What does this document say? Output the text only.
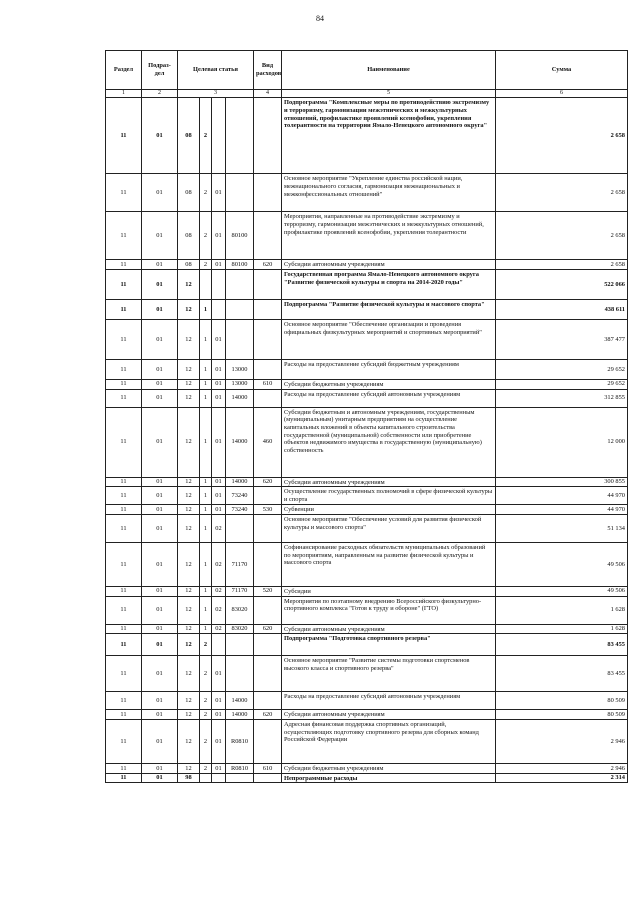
84
Раздел	Подраз-дел	Целевая статья				Вид расходов	Наименование	Сумма
1	2	3				4	5	6
11	01	08	2				Подпрограмма "Комплексные меры по противодействию экстремизму и терроризму, гармонизации межэтнических и межкультурных отношений, профилактике проявлений ксенофобии, укрепления толерантности на территории Ямало-Ненецкого автономного округа"	2 658
11	01	08	2	01			Основное мероприятие "Укрепление единства российской нации, межнационального согласия, гармонизация межнациональных и межконфессиональных отношений"	2 658
11	01	08	2	01	80100		Мероприятия, направленные на противодействие экстремизму и терроризму, гармонизации межэтнических и межкультурных отношений, профилактике проявлений ксенофобии, укрепления толерантности	2 658
11	01	08	2	01	80100	620	Субсидии автономным учреждениям	2 658
11	01	12					Государственная программа Ямало-Ненецкого автономного округа "Развитие физической культуры и спорта на 2014-2020 годы"	522 066
11	01	12	1				Подпрограмма "Развитие физической культуры и массового спорта"	438 611
11	01	12	1	01			Основное мероприятие "Обеспечение организации и проведения официальных физкультурных мероприятий и спортивных мероприятий"	387 477
11	01	12	1	01	13000		Расходы на предоставление субсидий бюджетным учреждениям	29 652
11	01	12	1	01	13000	610	Субсидии бюджетным учреждениям	29 652
11	01	12	1	01	14000		Расходы на предоставление субсидий автономным учреждениям	312 855
11	01	12	1	01	14000	460	Субсидии бюджетным и автономным учреждениям, государственным (муниципальным) унитарным предприятиям на осуществление капитальных вложений в объекты капитального строительства государственной (муниципальной) собственности или приобретение объектов недвижимого имущества в государственную (муниципальную) собственность	12 000
11	01	12	1	01	14000	620	Субсидии автономным учреждениям	300 855
11	01	12	1	01	73240		Осуществление государственных полномочий в сфере физической культуры и спорта	44 970
11	01	12	1	01	73240	530	Субвенции	44 970
11	01	12	1	02			Основное мероприятие "Обеспечение условий для развития физической культуры и массового спорта"	51 134
11	01	12	1	02	71170		Софинансирование расходных обязательств муниципальных образований по мероприятиям, направленным на развитие физической культуры и массового спорта	49 506
11	01	12	1	02	71170	520	Субсидии	49 506
11	01	12	1	02	83020		Мероприятия по поэтапному внедрению Всероссийского физкультурно-спортивного комплекса "Готов к труду и обороне" (ГТО)	1 628
11	01	12	1	02	83020	620	Субсидии автономным учреждениям	1 628
11	01	12	2				Подпрограмма "Подготовка спортивного резерва"	83 455
11	01	12	2	01			Основное мероприятие "Развитие системы подготовки спортсменов высокого класса и спортивного резерва"	83 455
11	01	12	2	01	14000		Расходы на предоставление субсидий автономным учреждениям	80 509
11	01	12	2	01	14000	620	Субсидии автономным учреждениям	80 509
11	01	12	2	01	R0810		Адресная финансовая поддержка спортивных организаций, осуществляющих подготовку спортивного резерва для сборных команд Российской Федерации	2 946
11	01	12	2	01	R0810	610	Субсидии бюджетным учреждениям	2 946
11	01	98					Непрограммные расходы	2 314
